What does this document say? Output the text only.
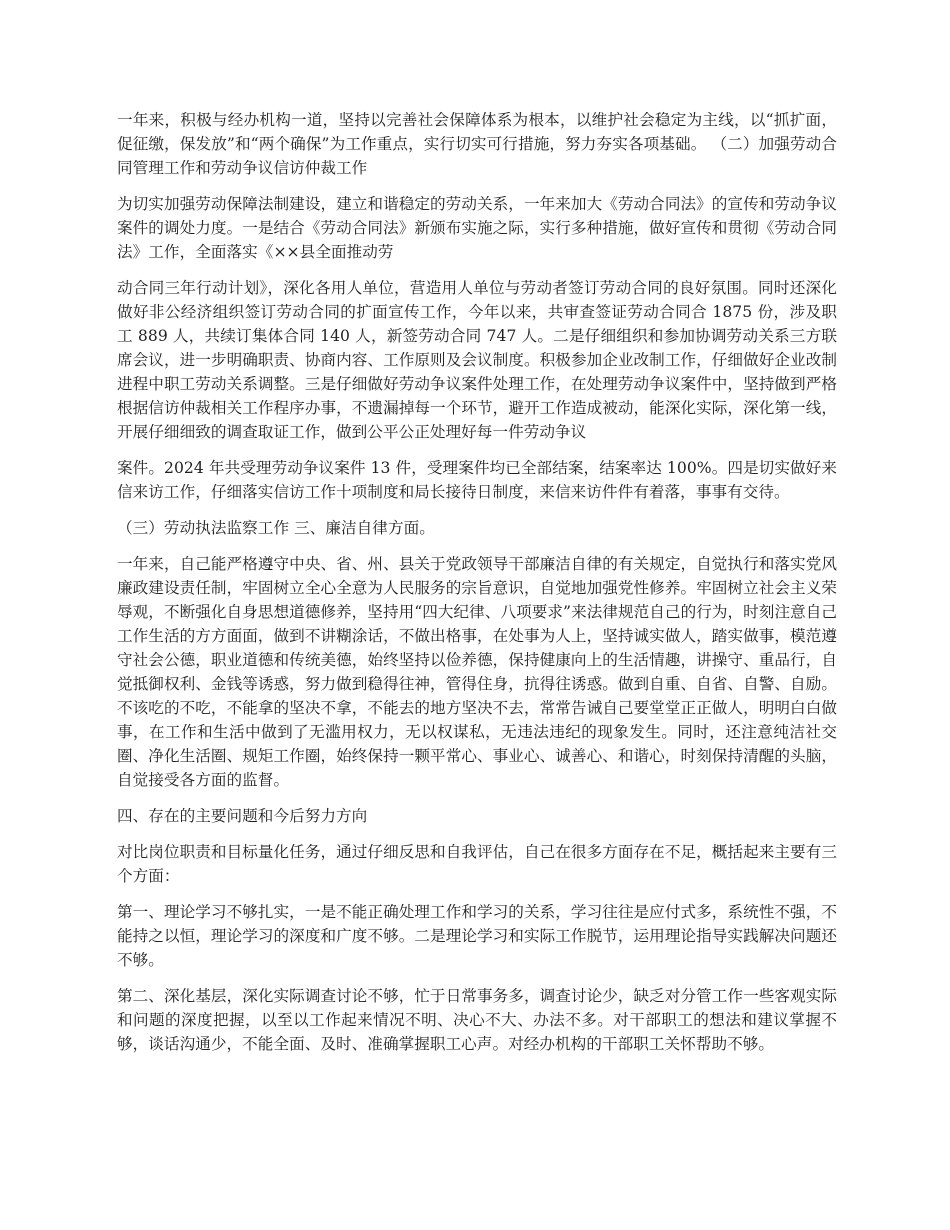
一年来，积极与经办机构一道，坚持以完善社会保障体系为根本，以维护社会稳定为主线，以“抓扩面，促征缴，保发放”和“两个确保”为工作重点，实行切实可行措施，努力夯实各项基础。 （二）加强劳动合同管理工作和劳动争议信访仲裁工作

为切实加强劳动保障法制建设，建立和谐稳定的劳动关系，一年来加大《劳动合同法》的宣传和劳动争议案件的调处力度。一是结合《劳动合同法》新颁布实施之际，实行多种措施，做好宣传和贯彻《劳动合同法》工作，全面落实《××县全面推动劳

动合同三年行动计划》，深化各用人单位，营造用人单位与劳动者签订劳动合同的良好氛围。同时还深化做好非公经济组织签订劳动合同的扩面宣传工作，今年以来，共审查签证劳动合同合 1875 份，涉及职工 889 人，共续订集体合同 140 人，新签劳动合同 747 人。二是仔细组织和参加协调劳动关系三方联席会议，进一步明确职责、协商内容、工作原则及会议制度。积极参加企业改制工作，仔细做好企业改制进程中职工劳动关系调整。三是仔细做好劳动争议案件处理工作，在处理劳动争议案件中，坚持做到严格根据信访仲裁相关工作程序办事，不遗漏掉每一个环节，避开工作造成被动，能深化实际，深化第一线，开展仔细细致的调查取证工作，做到公平公正处理好每一件劳动争议

案件。2024 年共受理劳动争议案件 13 件，受理案件均已全部结案，结案率达 100%。四是切实做好来信来访工作，仔细落实信访工作十项制度和局长接待日制度，来信来访件件有着落，事事有交待。

（三）劳动执法监察工作 三、廉洁自律方面。

一年来，自己能严格遵守中央、省、州、县关于党政领导干部廉洁自律的有关规定，自觉执行和落实党风廉政建设责任制，牢固树立全心全意为人民服务的宗旨意识，自觉地加强党性修养。牢固树立社会主义荣辱观，不断强化自身思想道德修养，坚持用“四大纪律、八项要求”来法律规范自己的行为，时刻注意自己工作生活的方方面面，做到不讲糊涂话，不做出格事，在处事为人上，坚持诚实做人，踏实做事，模范遵守社会公德，职业道德和传统美德，始终坚持以俭养德，保持健康向上的生活情趣，讲操守、重品行，自觉抵御权利、金钱等诱惑，努力做到稳得往神，管得住身，抗得往诱惑。做到自重、自省、自警、自励。不该吃的不吃，不能拿的坚决不拿，不能去的地方坚决不去，常常告诫自己要堂堂正正做人，明明白白做事，在工作和生活中做到了无滥用权力，无以权谋私，无违法违纪的现象发生。同时，还注意纯洁社交圈、净化生活圈、规矩工作圈，始终保持一颗平常心、事业心、诚善心、和谐心，时刻保持清醒的头脑，自觉接受各方面的监督。

四、存在的主要问题和今后努力方向

对比岗位职责和目标量化任务，通过仔细反思和自我评估，自己在很多方面存在不足，概括起来主要有三个方面：

第一、理论学习不够扎实，一是不能正确处理工作和学习的关系，学习往往是应付式多，系统性不强，不能持之以恒，理论学习的深度和广度不够。二是理论学习和实际工作脱节，运用理论指导实践解决问题还不够。

第二、深化基层，深化实际调查讨论不够，忙于日常事务多，调查讨论少，缺乏对分管工作一些客观实际和问题的深度把握，以至以工作起来情况不明、决心不大、办法不多。对干部职工的想法和建议掌握不够，谈话沟通少，不能全面、及时、准确掌握职工心声。对经办机构的干部职工关怀帮助不够。
